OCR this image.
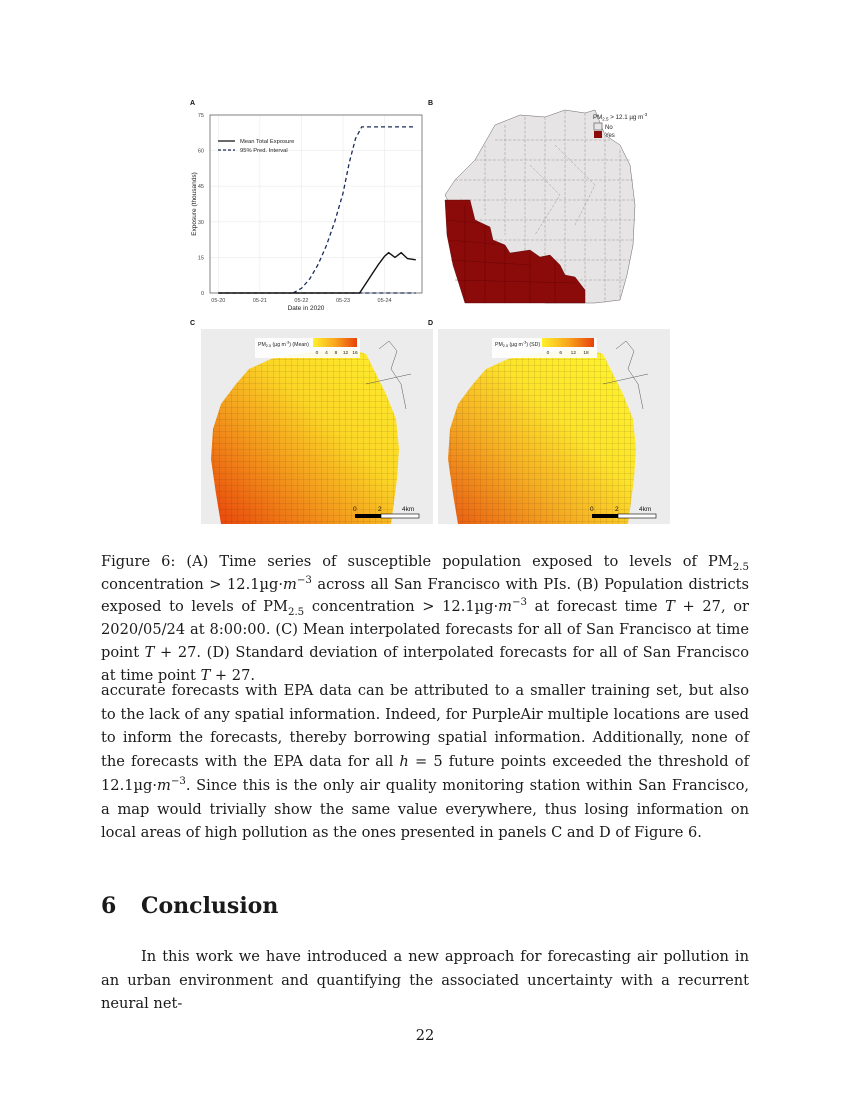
A
0
15
30
45
60
75
05-20	05-21	05-22	05-23	05-24
Mean Total Exposure
95% Pred. Interval
Date in 2020
Exposure (thousands)
B
$PM_{2.5} > 12.1$ µg $m^{-3}$
No
Yes
C
$PM_{2.5}$ (µg $m^{-3}$) (Mean)
0 4 8 12 16
0	2	4km
D
$PM_{2.5}$ (µg $m^{-3}$) (SD)
0 6 12 18
0	2	4km
Figure 6: (A) Time series of susceptible population exposed to levels of $PM_{2.5}$ concentration > $12.1\mu g\cdot m^{-3}$ across all San Francisco with PIs. (B) Population districts exposed to levels of $PM_{2.5}$ concentration > $12.1\mu g\cdot m^{-3}$ at forecast time T + 27, or 2020/05/24 at 8:00:00. (C) Mean interpolated forecasts for all of San Francisco at time point T + 27. (D) Standard deviation of interpolated forecasts for all of San Francisco at time point T + 27.
accurate forecasts with EPA data can be attributed to a smaller training set, but also to the lack of any spatial information. Indeed, for PurpleAir multiple locations are used to inform the forecasts, thereby borrowing spatial information. Additionally, none of the forecasts with the EPA data for all h = 5 future points exceeded the threshold of $12.1\mu g\cdot m^{-3}$. Since this is the only air quality monitoring station within San Francisco, a map would trivially show the same value everywhere, thus losing information on local areas of high pollution as the ones presented in panels C and D of Figure 6.
6 Conclusion
In this work we have introduced a new approach for forecasting air pollution in an urban environment and quantifying the associated uncertainty with a recurrent neural net-
22
